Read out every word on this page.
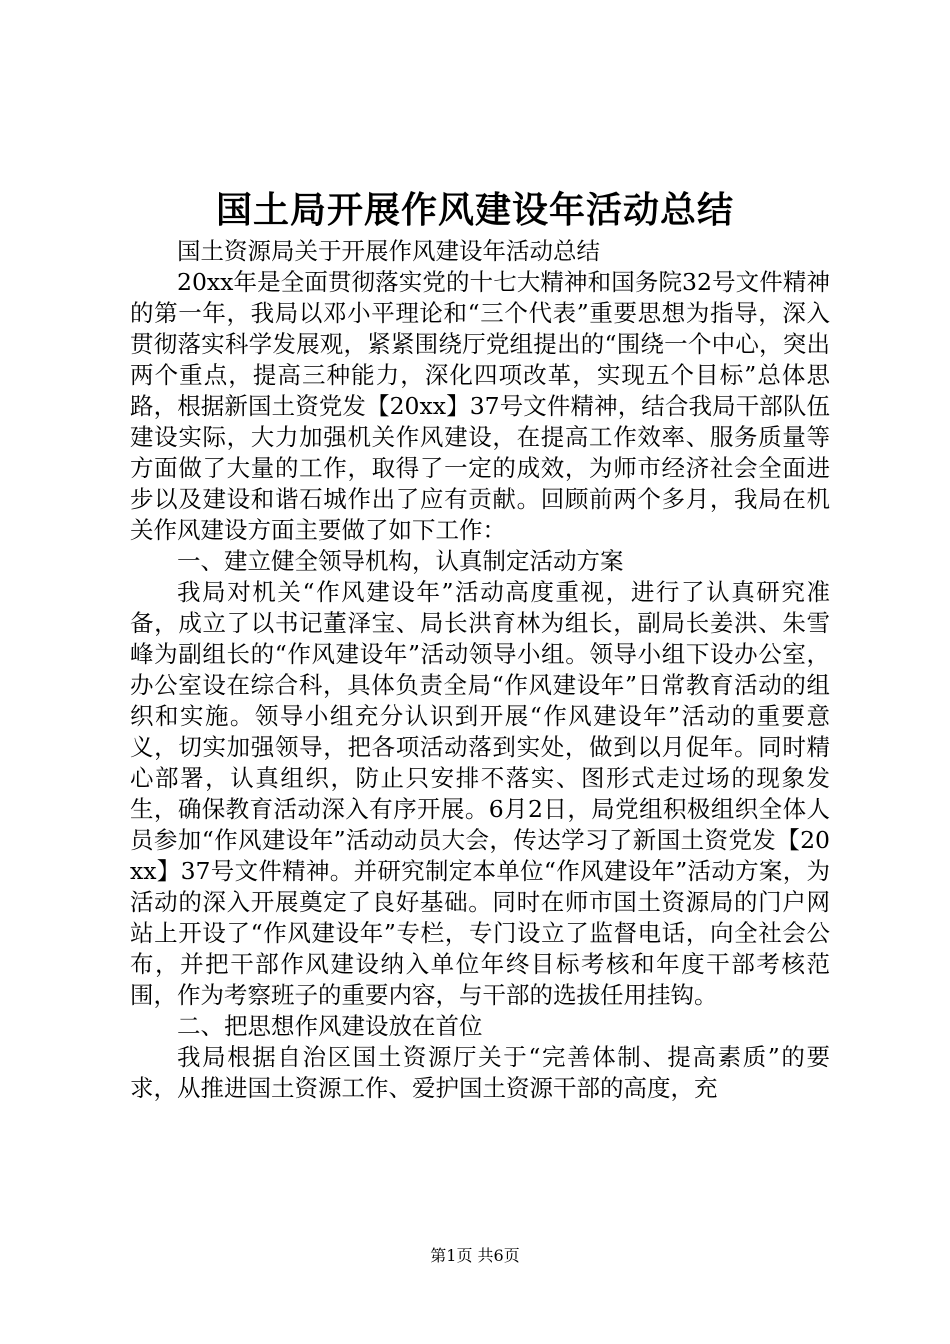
国土局开展作风建设年活动总结

国土资源局关于开展作风建设年活动总结

20xx年是全面贯彻落实党的十七大精神和国务院32号文件精神的第一年，我局以邓小平理论和“三个代表”重要思想为指导，深入贯彻落实科学发展观，紧紧围绕厅党组提出的“围绕一个中心，突出两个重点，提高三种能力，深化四项改革，实现五个目标”总体思路，根据新国土资党发【20xx】37号文件精神，结合我局干部队伍建设实际，大力加强机关作风建设，在提高工作效率、服务质量等方面做了大量的工作，取得了一定的成效，为师市经济社会全面进步以及建设和谐石城作出了应有贡献。回顾前两个多月，我局在机关作风建设方面主要做了如下工作：

一、建立健全领导机构，认真制定活动方案

我局对机关“作风建设年”活动高度重视，进行了认真研究准备，成立了以书记董泽宝、局长洪育林为组长，副局长姜洪、朱雪峰为副组长的“作风建设年”活动领导小组。领导小组下设办公室，办公室设在综合科，具体负责全局“作风建设年”日常教育活动的组织和实施。领导小组充分认识到开展“作风建设年”活动的重要意义，切实加强领导，把各项活动落到实处，做到以月促年。同时精心部署，认真组织，防止只安排不落实、图形式走过场的现象发生，确保教育活动深入有序开展。6月2日，局党组积极组织全体人员参加“作风建设年”活动动员大会，传达学习了新国土资党发【20xx】37号文件精神。并研究制定本单位“作风建设年”活动方案，为活动的深入开展奠定了良好基础。同时在师市国土资源局的门户网站上开设了“作风建设年”专栏，专门设立了监督电话，向全社会公布，并把干部作风建设纳入单位年终目标考核和年度干部考核范围，作为考察班子的重要内容，与干部的选拔任用挂钩。

二、把思想作风建设放在首位

我局根据自治区国土资源厅关于“完善体制、提高素质”的要求，从推进国土资源工作、爱护国土资源干部的高度，充

第1页 共6页
